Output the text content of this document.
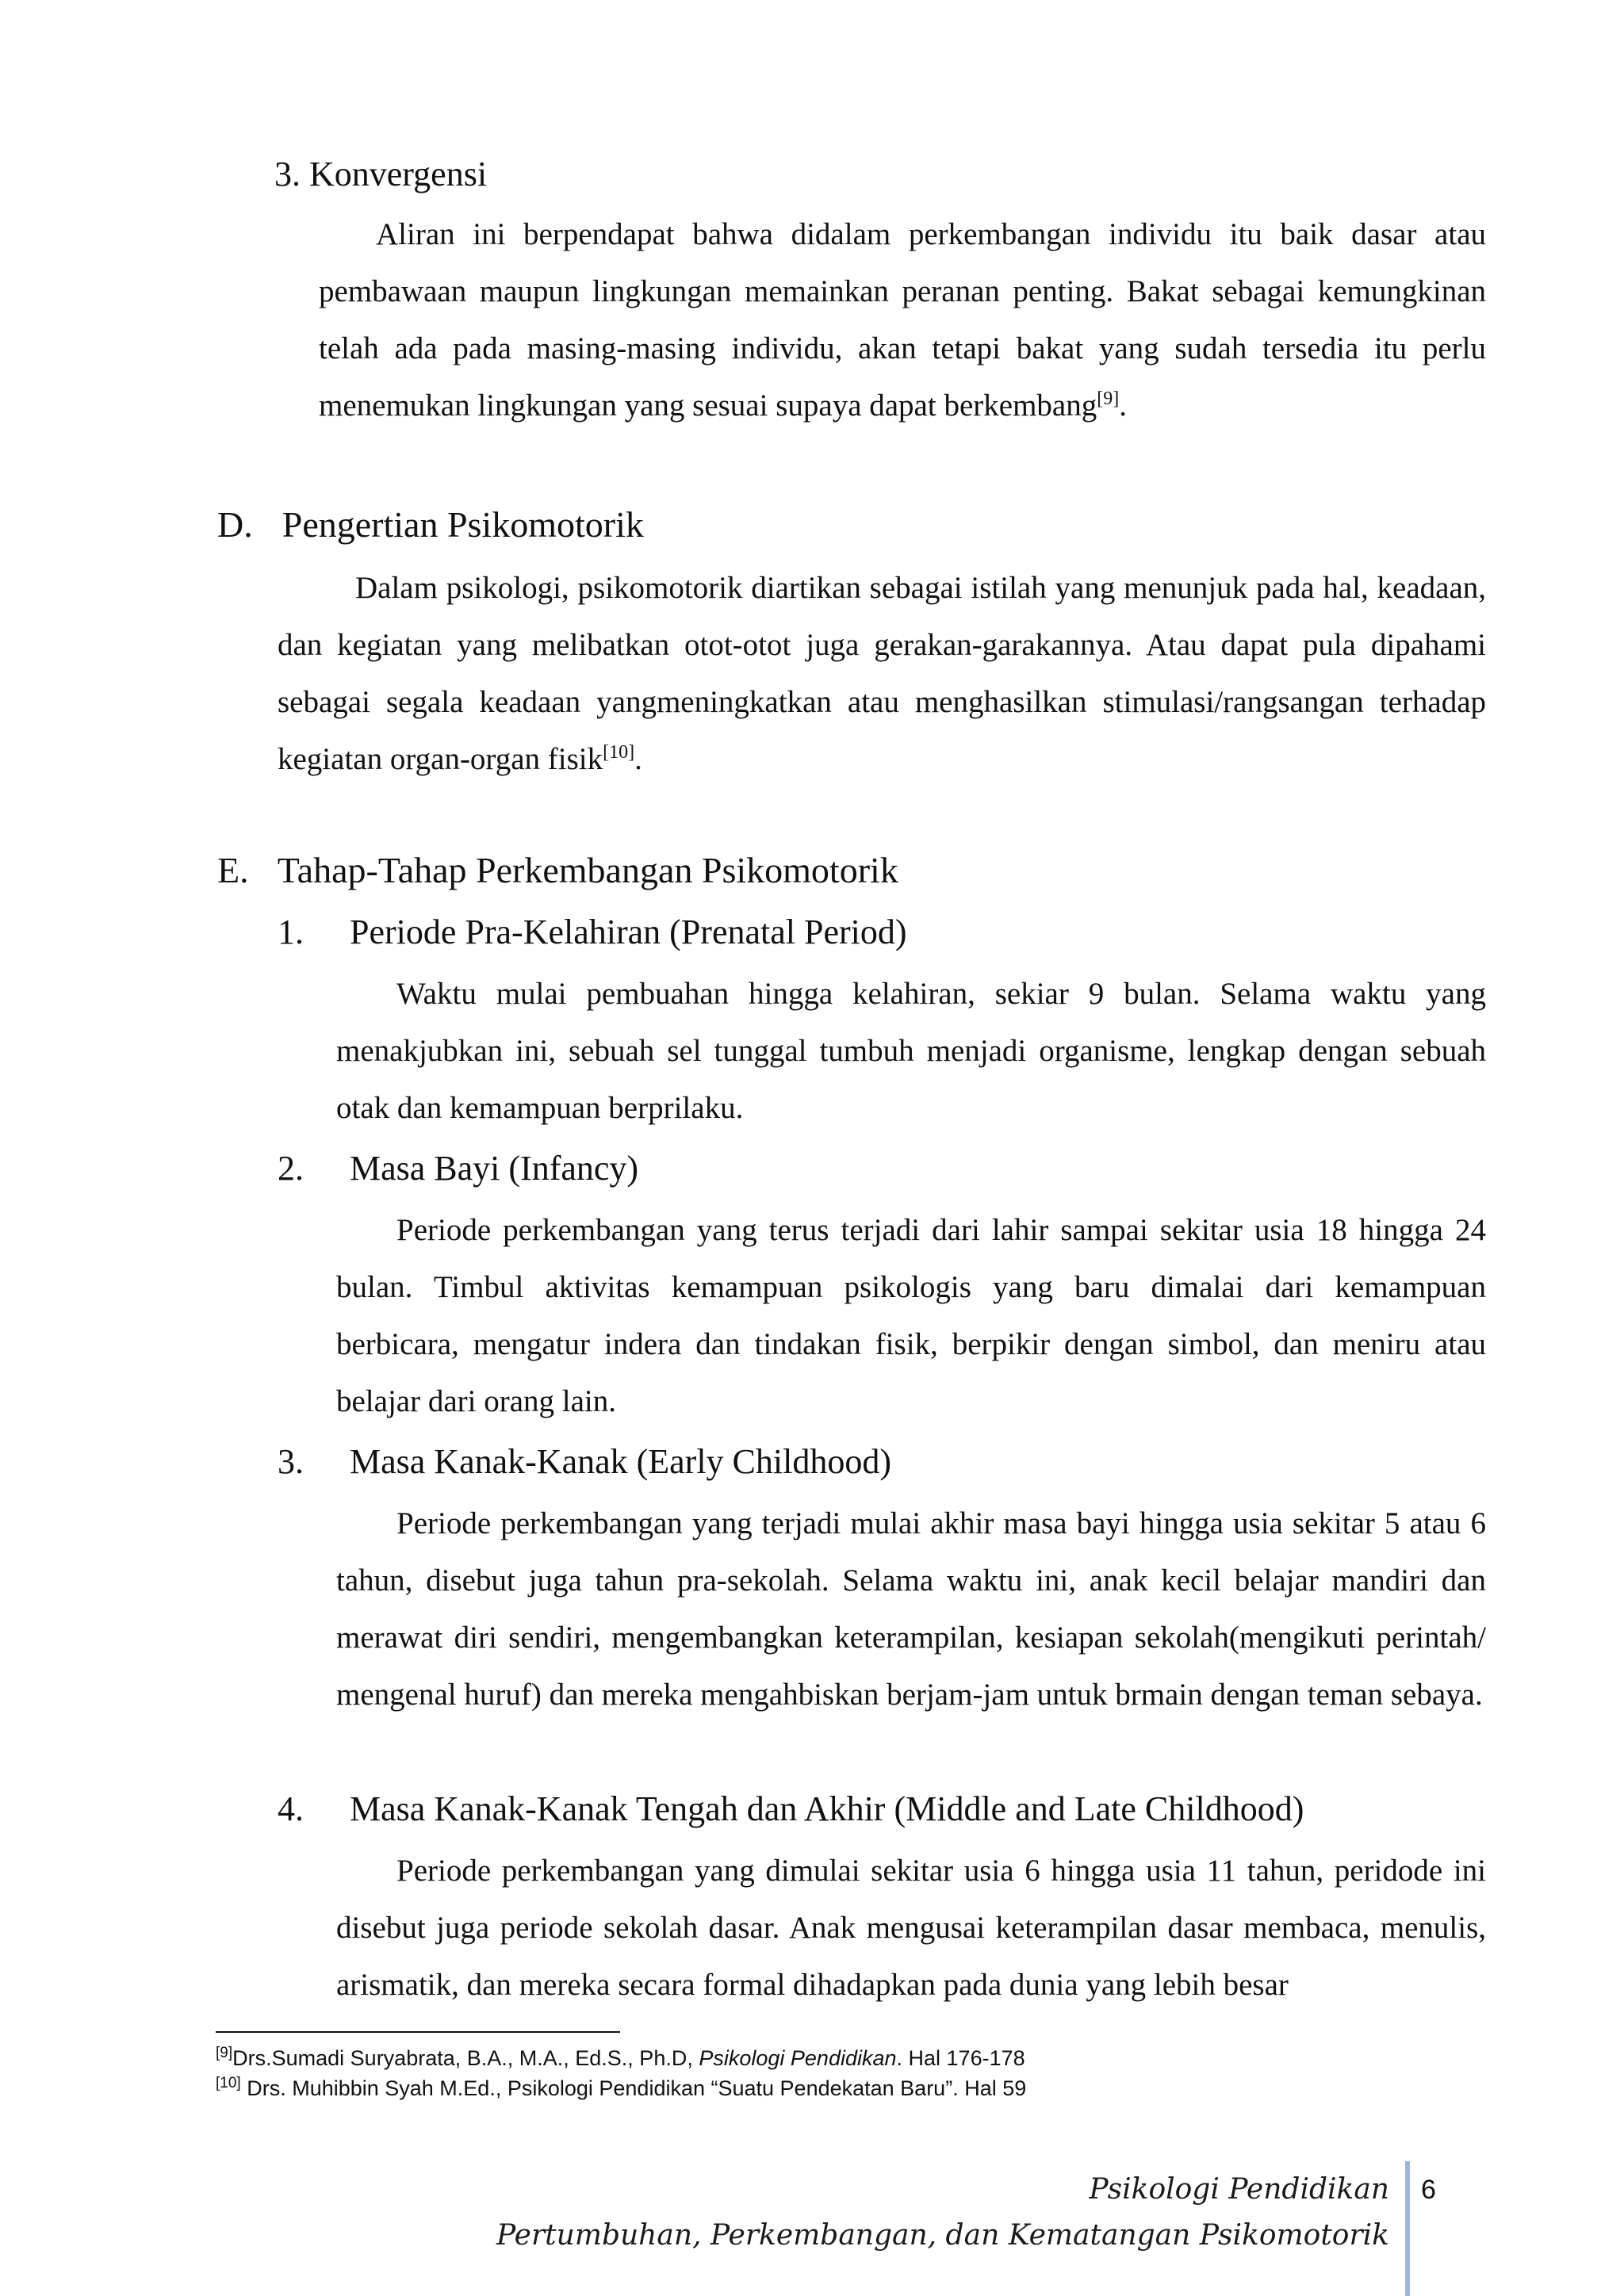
3. Konvergensi

Aliran ini berpendapat bahwa didalam perkembangan individu itu baik dasar atau pembawaan maupun lingkungan memainkan peranan penting. Bakat sebagai kemungkinan telah ada pada masing-masing individu, akan tetapi bakat yang sudah tersedia itu perlu menemukan lingkungan yang sesuai supaya dapat berkembang[9].

D. Pengertian Psikomotorik

Dalam psikologi, psikomotorik diartikan sebagai istilah yang menunjuk pada hal, keadaan, dan kegiatan yang melibatkan otot-otot juga gerakan-garakannya. Atau dapat pula dipahami sebagai segala keadaan yangmeningkatkan atau menghasilkan stimulasi/rangsangan terhadap kegiatan organ-organ fisik[10].

E. Tahap-Tahap Perkembangan Psikomotorik
1. Periode Pra-Kelahiran (Prenatal Period)

Waktu mulai pembuahan hingga kelahiran, sekiar 9 bulan. Selama waktu yang menakjubkan ini, sebuah sel tunggal tumbuh menjadi organisme, lengkap dengan sebuah otak dan kemampuan berprilaku.

2. Masa Bayi (Infancy)

Periode perkembangan yang terus terjadi dari lahir sampai sekitar usia 18 hingga 24 bulan. Timbul aktivitas kemampuan psikologis yang baru dimalai dari kemampuan berbicara, mengatur indera dan tindakan fisik, berpikir dengan simbol, dan meniru atau belajar dari orang lain.

3. Masa Kanak-Kanak (Early Childhood)

Periode perkembangan yang terjadi mulai akhir masa bayi hingga usia sekitar 5 atau 6 tahun, disebut juga tahun pra-sekolah. Selama waktu ini, anak kecil belajar mandiri dan merawat diri sendiri, mengembangkan keterampilan, kesiapan sekolah(mengikuti perintah/ mengenal huruf) dan mereka mengahbiskan berjam-jam untuk brmain dengan teman sebaya.

4. Masa Kanak-Kanak Tengah dan Akhir (Middle and Late Childhood)

Periode perkembangan yang dimulai sekitar usia 6 hingga usia 11 tahun, peridode ini disebut juga periode sekolah dasar. Anak mengusai keterampilan dasar membaca, menulis, arismatik, dan mereka secara formal dihadapkan pada dunia yang lebih besar

[9]Drs.Sumadi Suryabrata, B.A., M.A., Ed.S., Ph.D, Psikologi Pendidikan. Hal 176-178
[10] Drs. Muhibbin Syah M.Ed., Psikologi Pendidikan “Suatu Pendekatan Baru”. Hal 59
Psikologi Pendidikan
Pertumbuhan, Perkembangan, dan Kematangan Psikomotorik
6
